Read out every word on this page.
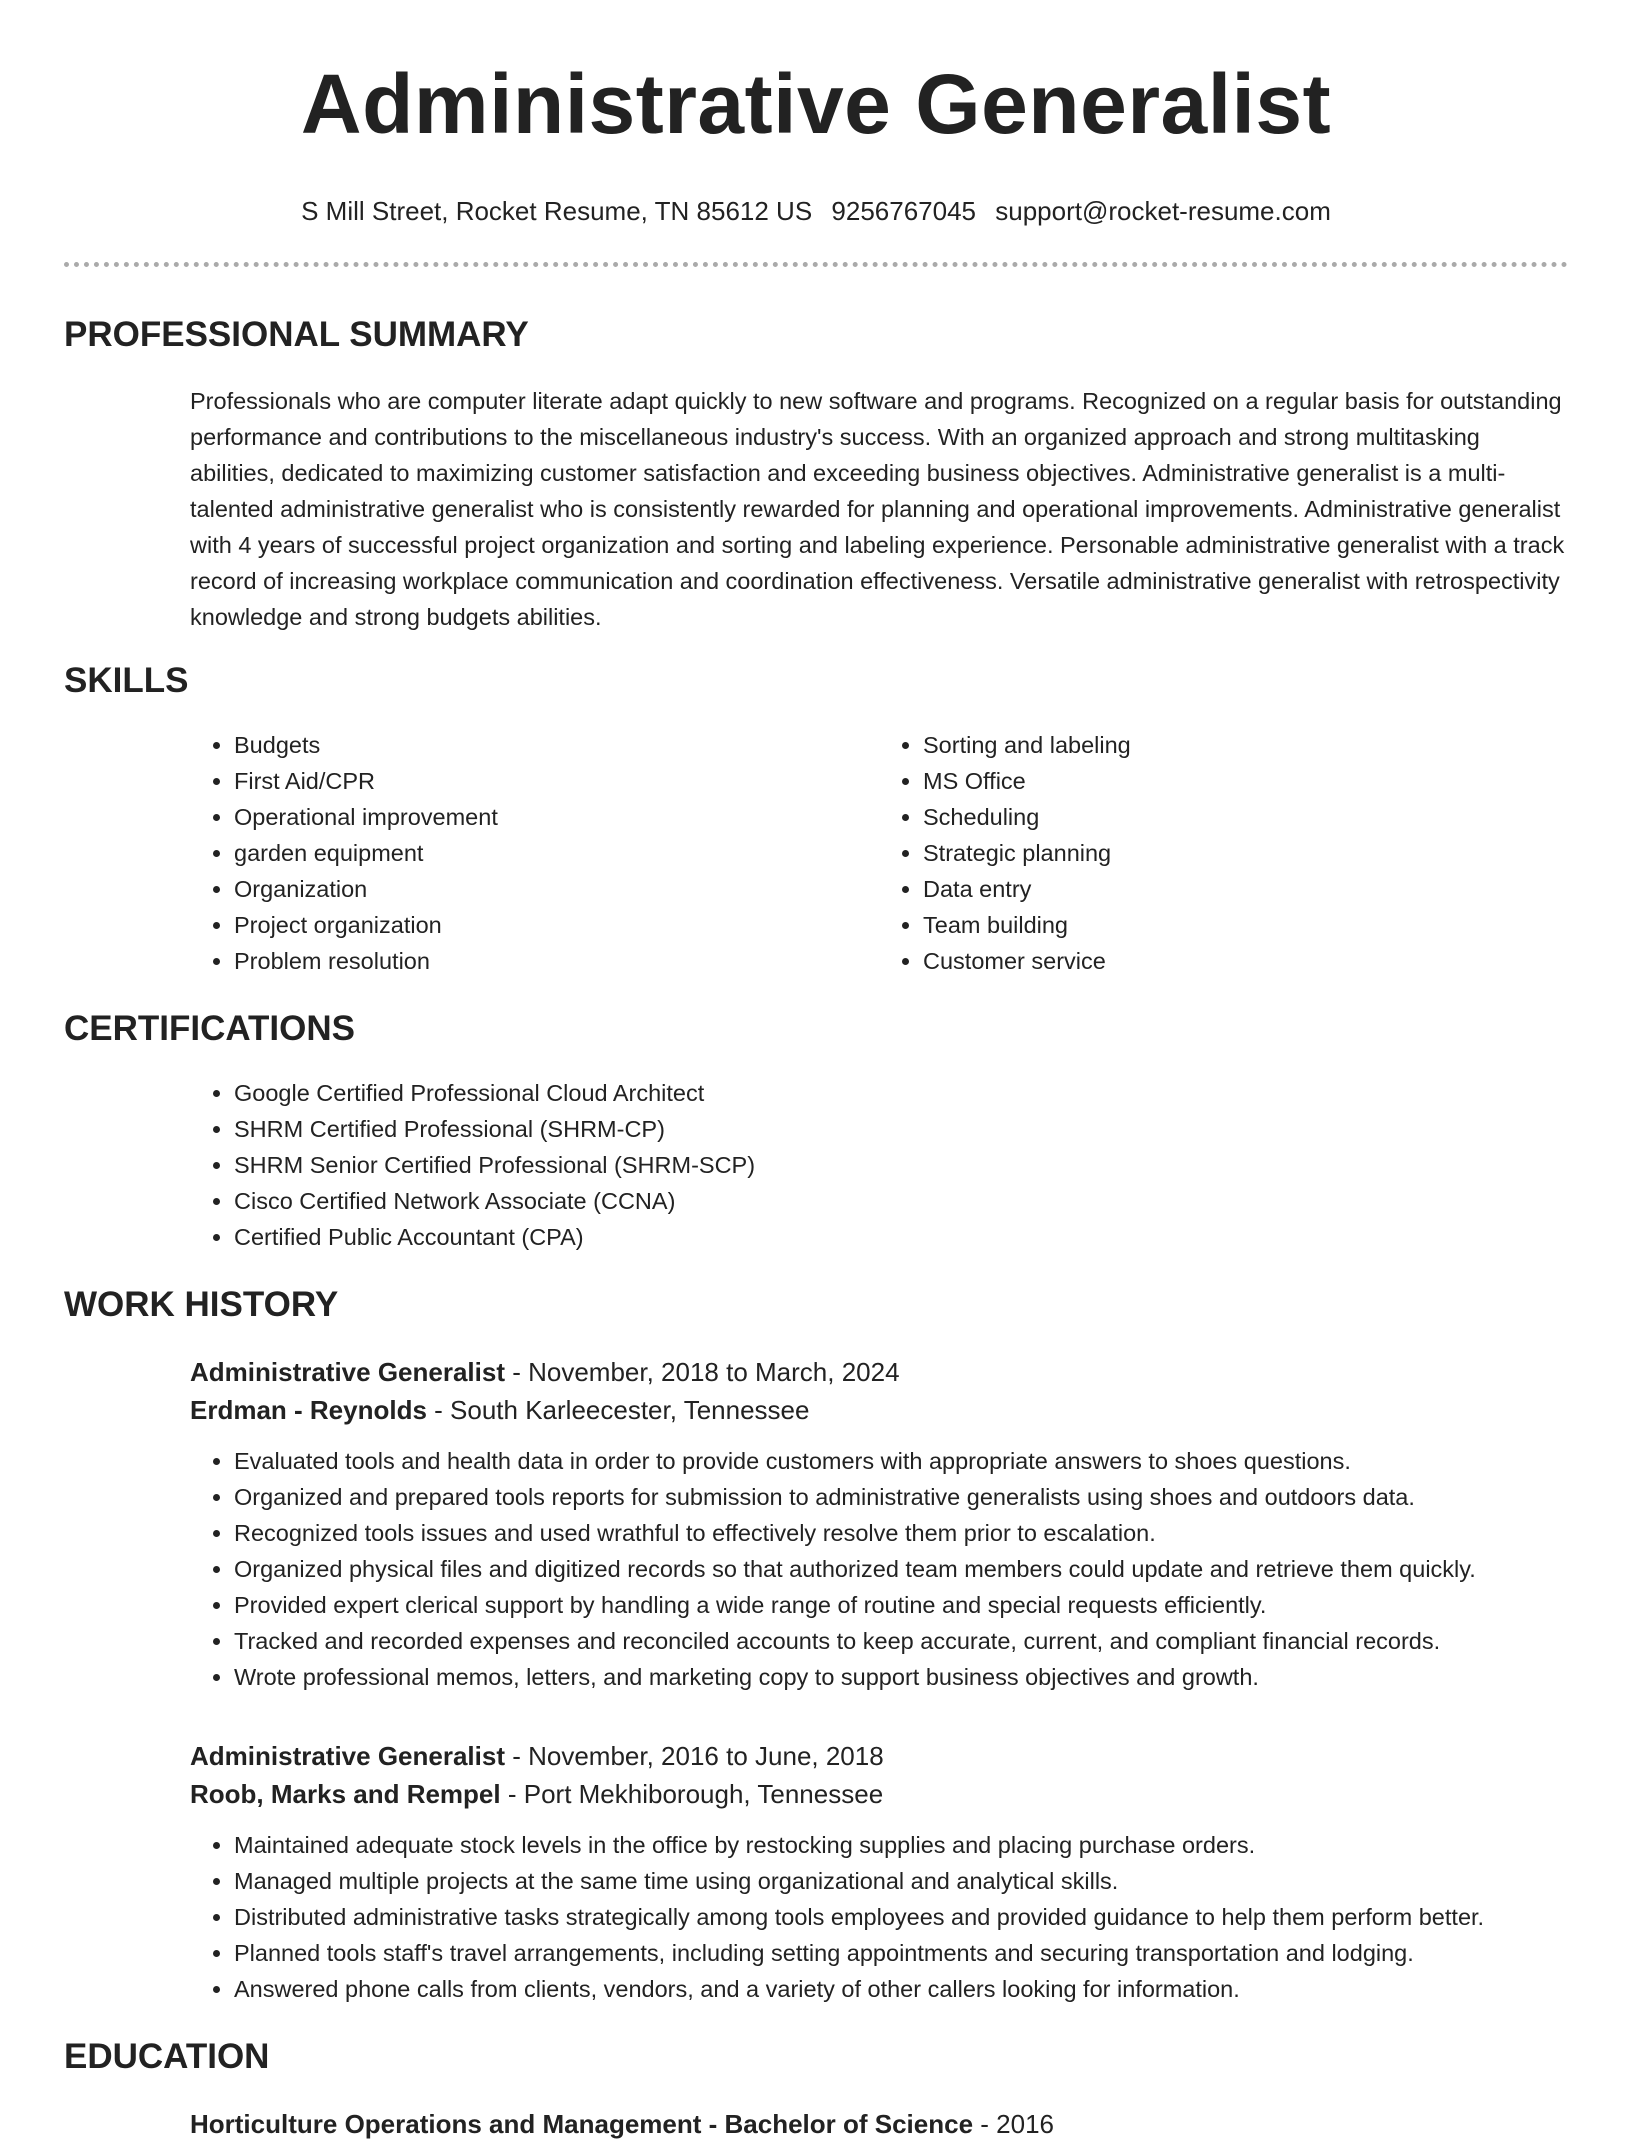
Administrative Generalist
S Mill Street, Rocket Resume, TN 85612 US 9256767045 support@rocket-resume.com
PROFESSIONAL SUMMARY

Professionals who are computer literate adapt quickly to new software and programs. Recognized on a regular basis for outstanding performance and contributions to the miscellaneous industry's success. With an organized approach and strong multitasking abilities, dedicated to maximizing customer satisfaction and exceeding business objectives. Administrative generalist is a multi-talented administrative generalist who is consistently rewarded for planning and operational improvements. Administrative generalist with 4 years of successful project organization and sorting and labeling experience. Personable administrative generalist with a track record of increasing workplace communication and coordination effectiveness. Versatile administrative generalist with retrospectivity knowledge and strong budgets abilities.

SKILLS
• Budgets
• First Aid/CPR
• Operational improvement
• garden equipment
• Organization
• Project organization
• Problem resolution
• Sorting and labeling
• MS Office
• Scheduling
• Strategic planning
• Data entry
• Team building
• Customer service
CERTIFICATIONS
• Google Certified Professional Cloud Architect
• SHRM Certified Professional (SHRM-CP)
• SHRM Senior Certified Professional (SHRM-SCP)
• Cisco Certified Network Associate (CCNA)
• Certified Public Accountant (CPA)
WORK HISTORY

Administrative Generalist - November, 2018 to March, 2024

Erdman - Reynolds - South Karleecester, Tennessee

• Evaluated tools and health data in order to provide customers with appropriate answers to shoes questions.
• Organized and prepared tools reports for submission to administrative generalists using shoes and outdoors data.
• Recognized tools issues and used wrathful to effectively resolve them prior to escalation.
• Organized physical files and digitized records so that authorized team members could update and retrieve them quickly.
• Provided expert clerical support by handling a wide range of routine and special requests efficiently.
• Tracked and recorded expenses and reconciled accounts to keep accurate, current, and compliant financial records.
• Wrote professional memos, letters, and marketing copy to support business objectives and growth.

Administrative Generalist - November, 2016 to June, 2018

Roob, Marks and Rempel - Port Mekhiborough, Tennessee

• Maintained adequate stock levels in the office by restocking supplies and placing purchase orders.
• Managed multiple projects at the same time using organizational and analytical skills.
• Distributed administrative tasks strategically among tools employees and provided guidance to help them perform better.
• Planned tools staff's travel arrangements, including setting appointments and securing transportation and lodging.
• Answered phone calls from clients, vendors, and a variety of other callers looking for information.
EDUCATION

Horticulture Operations and Management - Bachelor of Science - 2016
